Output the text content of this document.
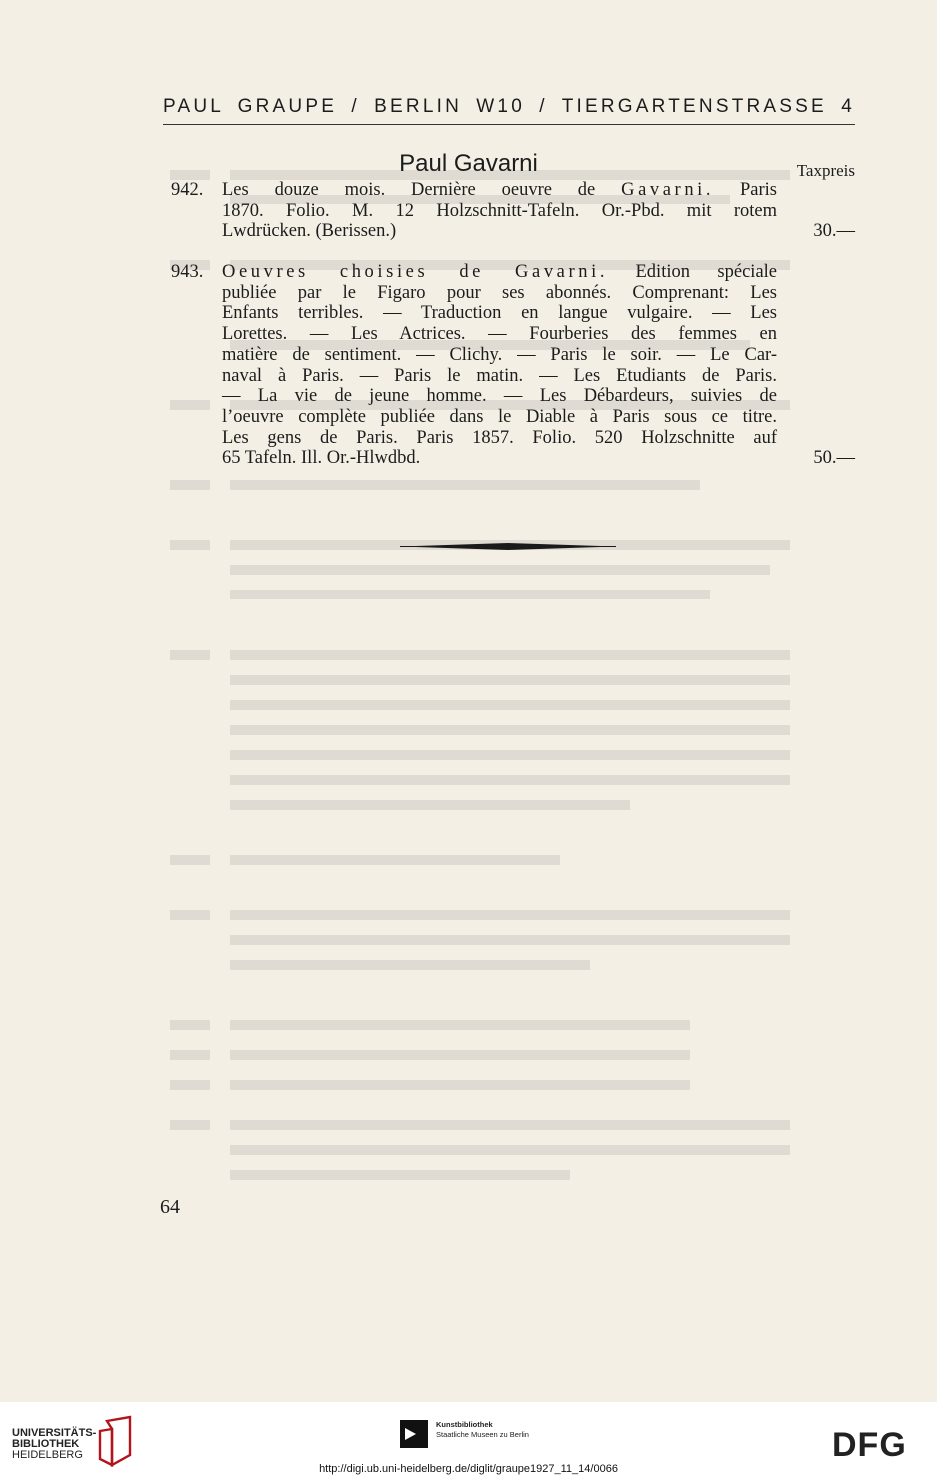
PAUL GRAUPE / BERLIN W10 / TIERGARTENSTRASSE 4
Paul Gavarni	Taxpreis
942. Les douze mois. Dernière oeuvre de Gavarni. Paris
1870. Folio. M. 12 Holzschnitt-Tafeln. Or.-Pbd. mit rotem
Lwdrücken. (Berissen.)	30.—
943. Oeuvres choisies de Gavarni. Edition spéciale
publiée par le Figaro pour ses abonnés. Comprenant: Les
Enfants terribles. — Traduction en langue vulgaire. — Les
Lorettes. — Les Actrices. — Fourberies des femmes en
matière de sentiment. — Clichy. — Paris le soir. — Le Car-
naval à Paris. — Paris le matin. — Les Etudiants de Paris.
— La vie de jeune homme. — Les Débardeurs, suivies de
l’oeuvre complète publiée dans le Diable à Paris sous ce titre.
Les gens de Paris. Paris 1857. Folio. 520 Holzschnitte auf
65 Tafeln. Ill. Or.-Hlwdbd.	50.—
64
UNIVERSITÄTS-
BIBLIOTHEK
HEIDELBERG
Kunstbibliothek
Staatliche Museen zu Berlin	DFG
http://digi.ub.uni-heidelberg.de/diglit/graupe1927_11_14/0066
